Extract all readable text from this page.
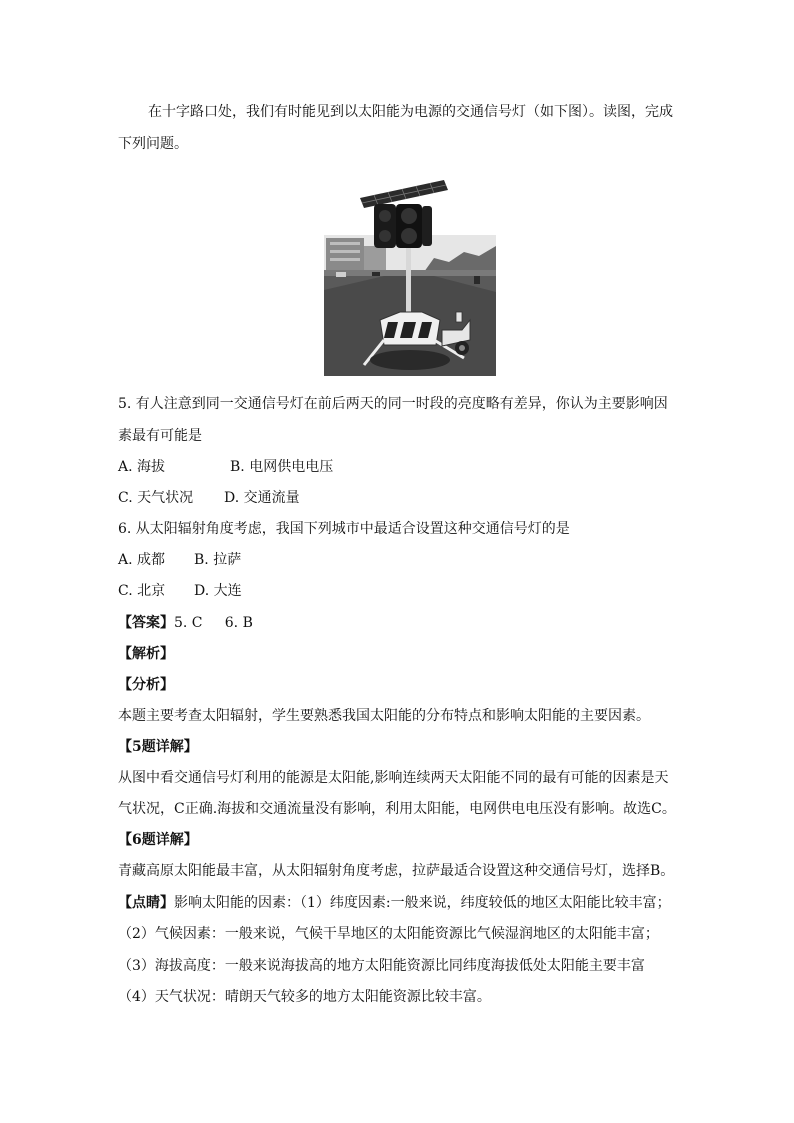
在十字路口处，我们有时能见到以太阳能为电源的交通信号灯（如下图）。读图，完成
下列问题。
5. 有人注意到同一交通信号灯在前后两天的同一时段的亮度略有差异，你认为主要影响因
素最有可能是
A. 海拔	B. 电网供电电压
C. 天气状况 D. 交通流量
6. 从太阳辐射角度考虑，我国下列城市中最适合设置这种交通信号灯的是
A. 成都 B. 拉萨
C. 北京 D. 大连
【答案】5. C     6. B
【解析】
【分析】
本题主要考查太阳辐射，学生要熟悉我国太阳能的分布特点和影响太阳能的主要因素。
【5题详解】
从图中看交通信号灯利用的能源是太阳能,影响连续两天太阳能不同的最有可能的因素是天
气状况，C正确.海拔和交通流量没有影响，利用太阳能，电网供电电压没有影响。故选C。
【6题详解】
青藏高原太阳能最丰富，从太阳辐射角度考虑，拉萨最适合设置这种交通信号灯，选择B。
【点睛】影响太阳能的因素：（1）纬度因素:一般来说，纬度较低的地区太阳能比较丰富；
（2）气候因素：一般来说，气候干旱地区的太阳能资源比气候湿润地区的太阳能丰富；
（3）海拔高度：一般来说海拔高的地方太阳能资源比同纬度海拔低处太阳能主要丰富
（4）天气状况：晴朗天气较多的地方太阳能资源比较丰富。
